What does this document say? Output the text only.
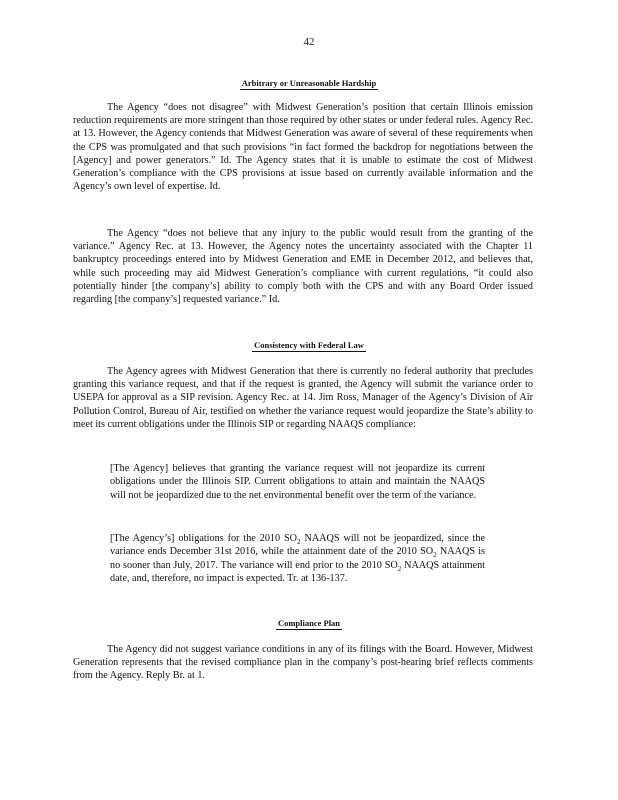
42
Arbitrary or Unreasonable Hardship

The Agency “does not disagree” with Midwest Generation’s position that certain Illinois emission reduction requirements are more stringent than those required by other states or under federal rules. Agency Rec. at 13. However, the Agency contends that Midwest Generation was aware of several of these requirements when the CPS was promulgated and that such provisions “in fact formed the backdrop for negotiations between the [Agency] and power generators.” Id. The Agency states that it is unable to estimate the cost of Midwest Generation’s compliance with the CPS provisions at issue based on currently available information and the Agency’s own level of expertise. Id.

The Agency “does not believe that any injury to the public would result from the granting of the variance.” Agency Rec. at 13. However, the Agency notes the uncertainty associated with the Chapter 11 bankruptcy proceedings entered into by Midwest Generation and EME in December 2012, and believes that, while such proceeding may aid Midwest Generation’s compliance with current regulations, “it could also potentially hinder [the company’s] ability to comply both with the CPS and with any Board Order issued regarding [the company’s] requested variance.” Id.

Consistency with Federal Law

The Agency agrees with Midwest Generation that there is currently no federal authority that precludes granting this variance request, and that if the request is granted, the Agency will submit the variance order to USEPA for approval as a SIP revision. Agency Rec. at 14. Jim Ross, Manager of the Agency’s Division of Air Pollution Control, Bureau of Air, testified on whether the variance request would jeopardize the State’s ability to meet its current obligations under the Illinois SIP or regarding NAAQS compliance:

[The Agency] believes that granting the variance request will not jeopardize its current obligations under the Illinois SIP. Current obligations to attain and maintain the NAAQS will not be jeopardized due to the net environmental benefit over the term of the variance.

[The Agency’s] obligations for the 2010 $SO_2$ NAAQS will not be jeopardized, since the variance ends December 31st 2016, while the attainment date of the 2010 $SO_2$ NAAQS is no sooner than July, 2017. The variance will end prior to the 2010 $SO_2$ NAAQS attainment date, and, therefore, no impact is expected. Tr. at 136-137.

Compliance Plan

The Agency did not suggest variance conditions in any of its filings with the Board. However, Midwest Generation represents that the revised compliance plan in the company’s post-hearing brief reflects comments from the Agency. Reply Br. at 1.
